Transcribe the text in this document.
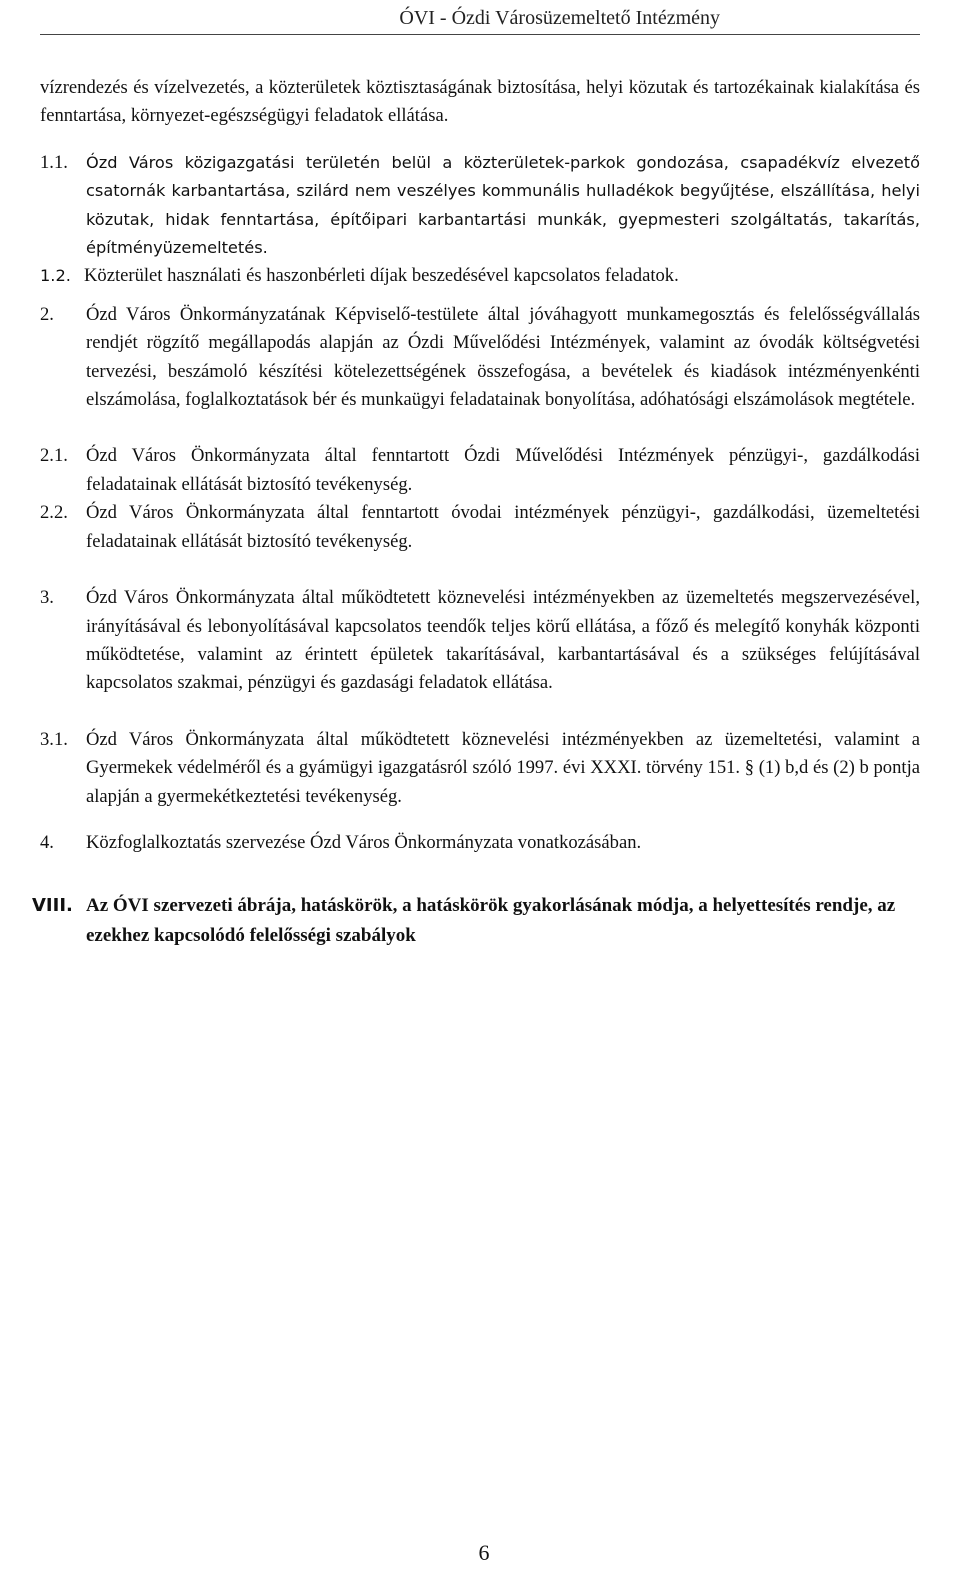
ÓVI - Ózdi Városüzemeltető Intézmény

vízrendezés és vízelvezetés, a közterületek köztisztaságának biztosítása, helyi közutak és tartozékainak kialakítása és fenntartása, környezet-egészségügyi feladatok ellátása.

1.1.	Ózd Város közigazgatási területén belül a közterületek-parkok gondozása, csapadékvíz elvezető csatornák karbantartása, szilárd nem veszélyes kommunális hulladékok begyűjtése, elszállítása, helyi közutak, hidak fenntartása, építőipari karbantartási munkák, gyepmesteri szolgáltatás, takarítás, építményüzemeltetés.

1.2. Közterület használati és haszonbérleti díjak beszedésével kapcsolatos feladatok.

2.	Ózd Város Önkormányzatának Képviselő-testülete által jóváhagyott munkamegosztás és felelősségvállalás rendjét rögzítő megállapodás alapján az Ózdi Művelődési Intézmények, valamint az óvodák költségvetési tervezési, beszámoló készítési kötelezettségének összefogása, a bevételek és kiadások intézményenkénti elszámolása, foglalkoztatások bér és munkaügyi feladatainak bonyolítása, adóhatósági elszámolások megtétele.

2.1. Ózd Város Önkormányzata által fenntartott Ózdi Művelődési Intézmények pénzügyi-, gazdálkodási feladatainak ellátását biztosító tevékenység.

2.2. Ózd Város Önkormányzata által fenntartott óvodai intézmények pénzügyi-, gazdálkodási, üzemeltetési feladatainak ellátását biztosító tevékenység.

3.	Ózd Város Önkormányzata által működtetett köznevelési intézményekben az üzemeltetés megszervezésével, irányításával és lebonyolításával kapcsolatos teendők teljes körű ellátása, a főző és melegítő konyhák központi működtetése, valamint az érintett épületek takarításával, karbantartásával és a szükséges felújításával kapcsolatos szakmai, pénzügyi és gazdasági feladatok ellátása.

3.1. Ózd Város Önkormányzata által működtetett köznevelési intézményekben az üzemeltetési, valamint a Gyermekek védelméről és a gyámügyi igazgatásról szóló 1997. évi XXXI. törvény 151. § (1) b,d és (2) b pontja alapján a gyermekétkeztetési tevékenység.

4.	Közfoglalkoztatás szervezése Ózd Város Önkormányzata vonatkozásában.

VIII. Az ÓVI szervezeti ábrája, hatáskörök, a hatáskörök gyakorlásának módja, a helyettesítés rendje, az ezekhez kapcsolódó felelősségi szabályok

6
